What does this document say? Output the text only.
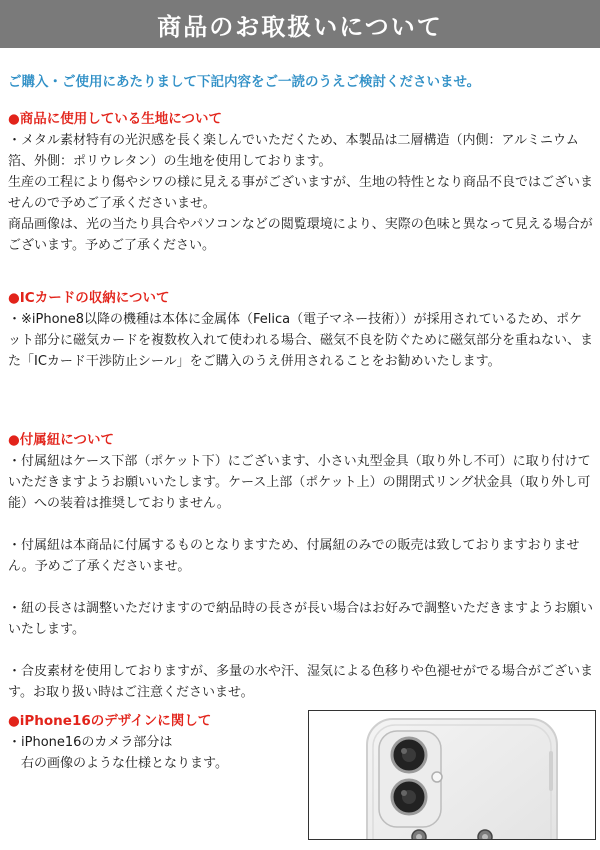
商品のお取扱いについて
ご購入・ご使用にあたりまして下記内容をご一読のうえご検討くださいませ。
●商品に使用している生地について

・メタル素材特有の光沢感を長く楽しんでいただくため、本製品は二層構造（内側：アルミニウム箔、外側：ポリウレタン）の生地を使用しております。

生産の工程により傷やシワの様に見える事がございますが、生地の特性となり商品不良ではございませんので予めご了承くださいませ。

商品画像は、光の当たり具合やパソコンなどの閲覧環境により、実際の色味と異なって見える場合がございます。予めご了承ください。

●ICカードの収納について

・※iPhone8以降の機種は本体に金属体（Felica（電子マネー技術））が採用されているため、ポケット部分に磁気カードを複数枚入れて使われる場合、磁気不良を防ぐために磁気部分を重ねない、また「ICカード干渉防止シール」をご購入のうえ併用されることをお勧めいたします。

●付属紐について

・付属紐はケース下部（ポケット下）にございます、小さい丸型金具（取り外し不可）に取り付けていただきますようお願いいたします。ケース上部（ポケット上）の開閉式リング状金具（取り外し可能）への装着は推奨しておりません。

・付属紐は本商品に付属するものとなりますため、付属紐のみでの販売は致しておりますおりません。予めご了承くださいませ。

・紐の長さは調整いただけますので納品時の長さが長い場合はお好みで調整いただきますようお願いいたします。

・合皮素材を使用しておりますが、多量の水や汗、湿気による色移りや色褪せがでる場合がございます。お取り扱い時はご注意くださいませ。

●iPhone16のデザインに関して

・iPhone16のカメラ部分は

　右の画像のような仕様となります。
